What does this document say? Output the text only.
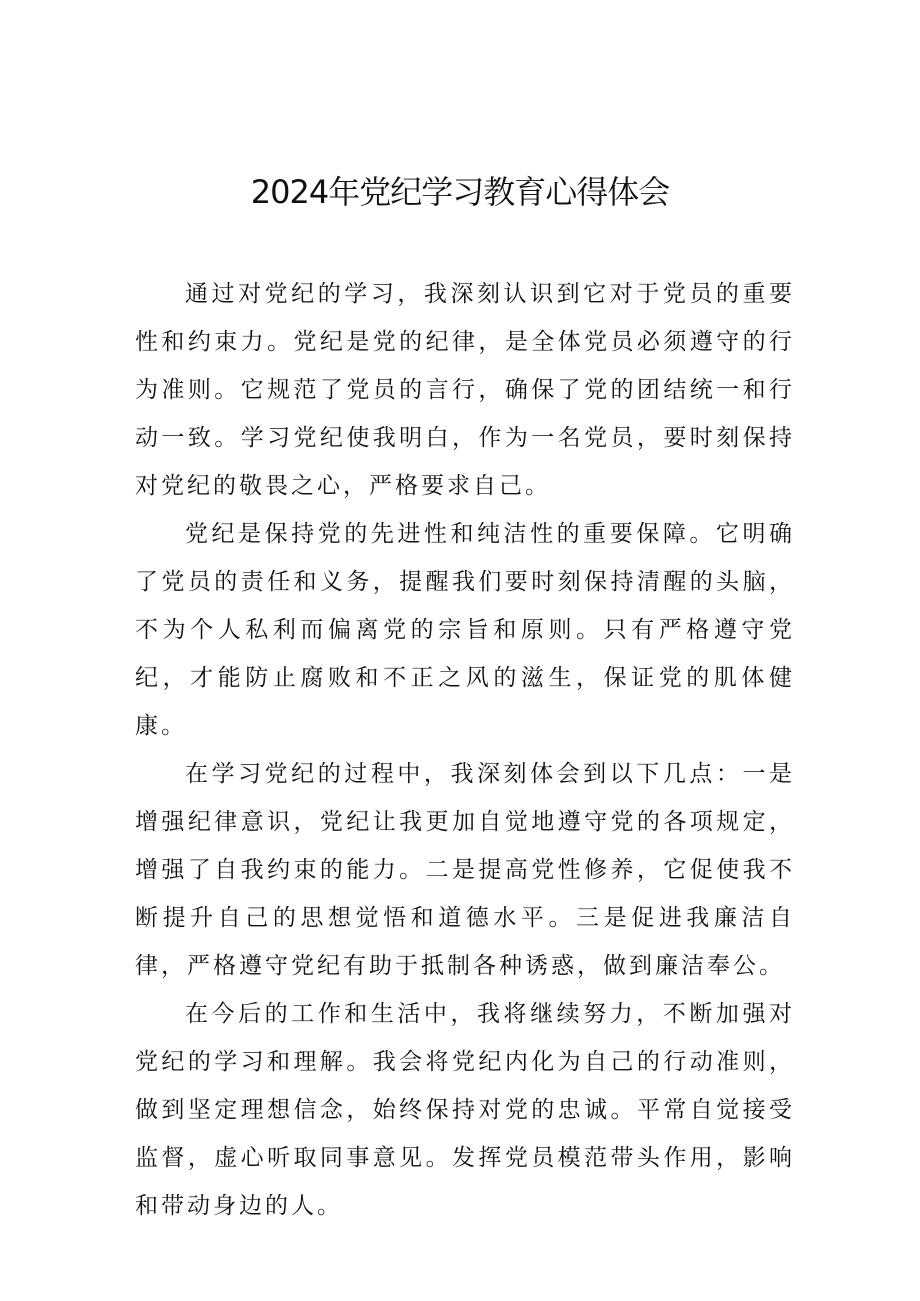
2024年党纪学习教育心得体会

通过对党纪的学习，我深刻认识到它对于党员的重要性和约束力。党纪是党的纪律，是全体党员必须遵守的行为准则。它规范了党员的言行，确保了党的团结统一和行动一致。学习党纪使我明白，作为一名党员，要时刻保持对党纪的敬畏之心，严格要求自己。

党纪是保持党的先进性和纯洁性的重要保障。它明确了党员的责任和义务，提醒我们要时刻保持清醒的头脑，不为个人私利而偏离党的宗旨和原则。只有严格遵守党纪，才能防止腐败和不正之风的滋生，保证党的肌体健康。

在学习党纪的过程中，我深刻体会到以下几点：一是增强纪律意识，党纪让我更加自觉地遵守党的各项规定，增强了自我约束的能力。二是提高党性修养，它促使我不断提升自己的思想觉悟和道德水平。三是促进我廉洁自律，严格遵守党纪有助于抵制各种诱惑，做到廉洁奉公。

在今后的工作和生活中，我将继续努力，不断加强对党纪的学习和理解。我会将党纪内化为自己的行动准则，做到坚定理想信念，始终保持对党的忠诚。平常自觉接受监督，虚心听取同事意见。发挥党员模范带头作用，影响和带动身边的人。
